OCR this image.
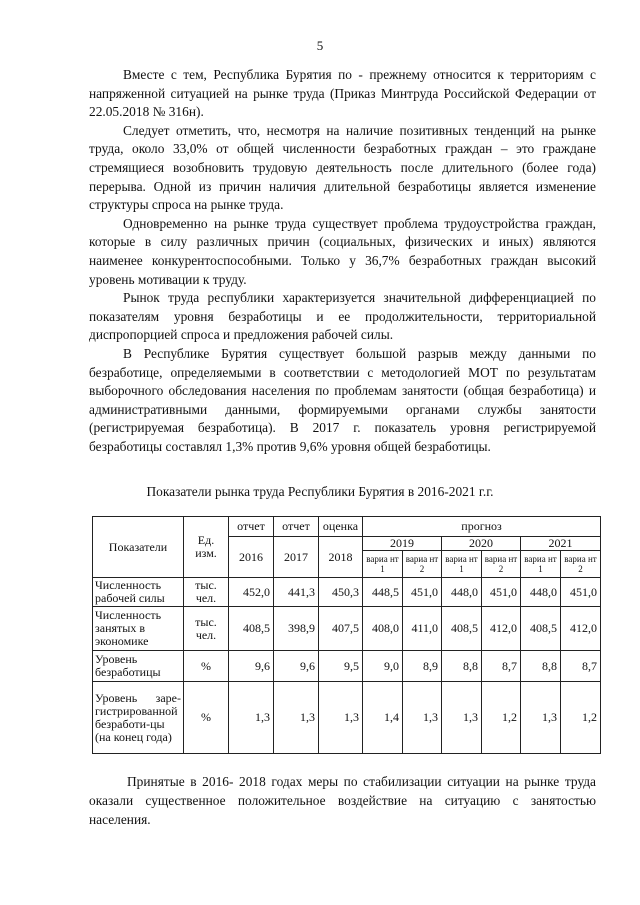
5

Вместе с тем, Республика Бурятия по - прежнему относится к территориям с напряженной ситуацией на рынке труда (Приказ Минтруда Российской Федерации от 22.05.2018 № 316н).

Следует отметить, что, несмотря на наличие позитивных тенденций на рынке труда, около 33,0% от общей численности безработных граждан – это граждане стремящиеся возобновить трудовую деятельность после длительного (более года) перерыва. Одной из причин наличия длительной безработицы является изменение структуры спроса на рынке труда.

Одновременно на рынке труда существует проблема трудоустройства граждан, которые в силу различных причин (социальных, физических и иных) являются наименее конкурентоспособными. Только у 36,7% безработных граждан высокий уровень мотивации к труду.

Рынок труда республики характеризуется значительной дифференциацией по показателям уровня безработицы и ее продолжительности, территориальной диспропорцией спроса и предложения рабочей силы.

В Республике Бурятия существует большой разрыв между данными по безработице, определяемыми в соответствии с методологией МОТ по результатам выборочного обследования населения по проблемам занятости (общая безработица) и административными данными, формируемыми органами службы занятости (регистрируемая безработица). В 2017 г. показатель уровня регистрируемой безработицы составлял 1,3% против 9,6% уровня общей безработицы.

Показатели рынка труда Республики Бурятия в 2016-2021 г.г.
Показатели	Ед. изм.	отчет	отчет	оценка	прогноз					
		2016	2017	2018	2019		2020		2021	
					вариа нт 1	вариа нт 2	вариа нт 1	вариа нт 2	вариа нт 1	вариа нт 2
Численность рабочей силы	тыс. чел.	452,0	441,3	450,3	448,5	451,0	448,0	451,0	448,0	451,0
Численность занятых в экономике	тыс. чел.	408,5	398,9	407,5	408,0	411,0	408,5	412,0	408,5	412,0
Уровень безработицы	%	9,6	9,6	9,5	9,0	8,9	8,8	8,7	8,8	8,7
Уровень заре-гистрированной безработи-цы (на конец года)	%	1,3	1,3	1,3	1,4	1,3	1,3	1,2	1,3	1,2

Принятые в 2016- 2018 годах меры по стабилизации ситуации на рынке труда оказали существенное положительное воздействие на ситуацию с занятостью населения.
